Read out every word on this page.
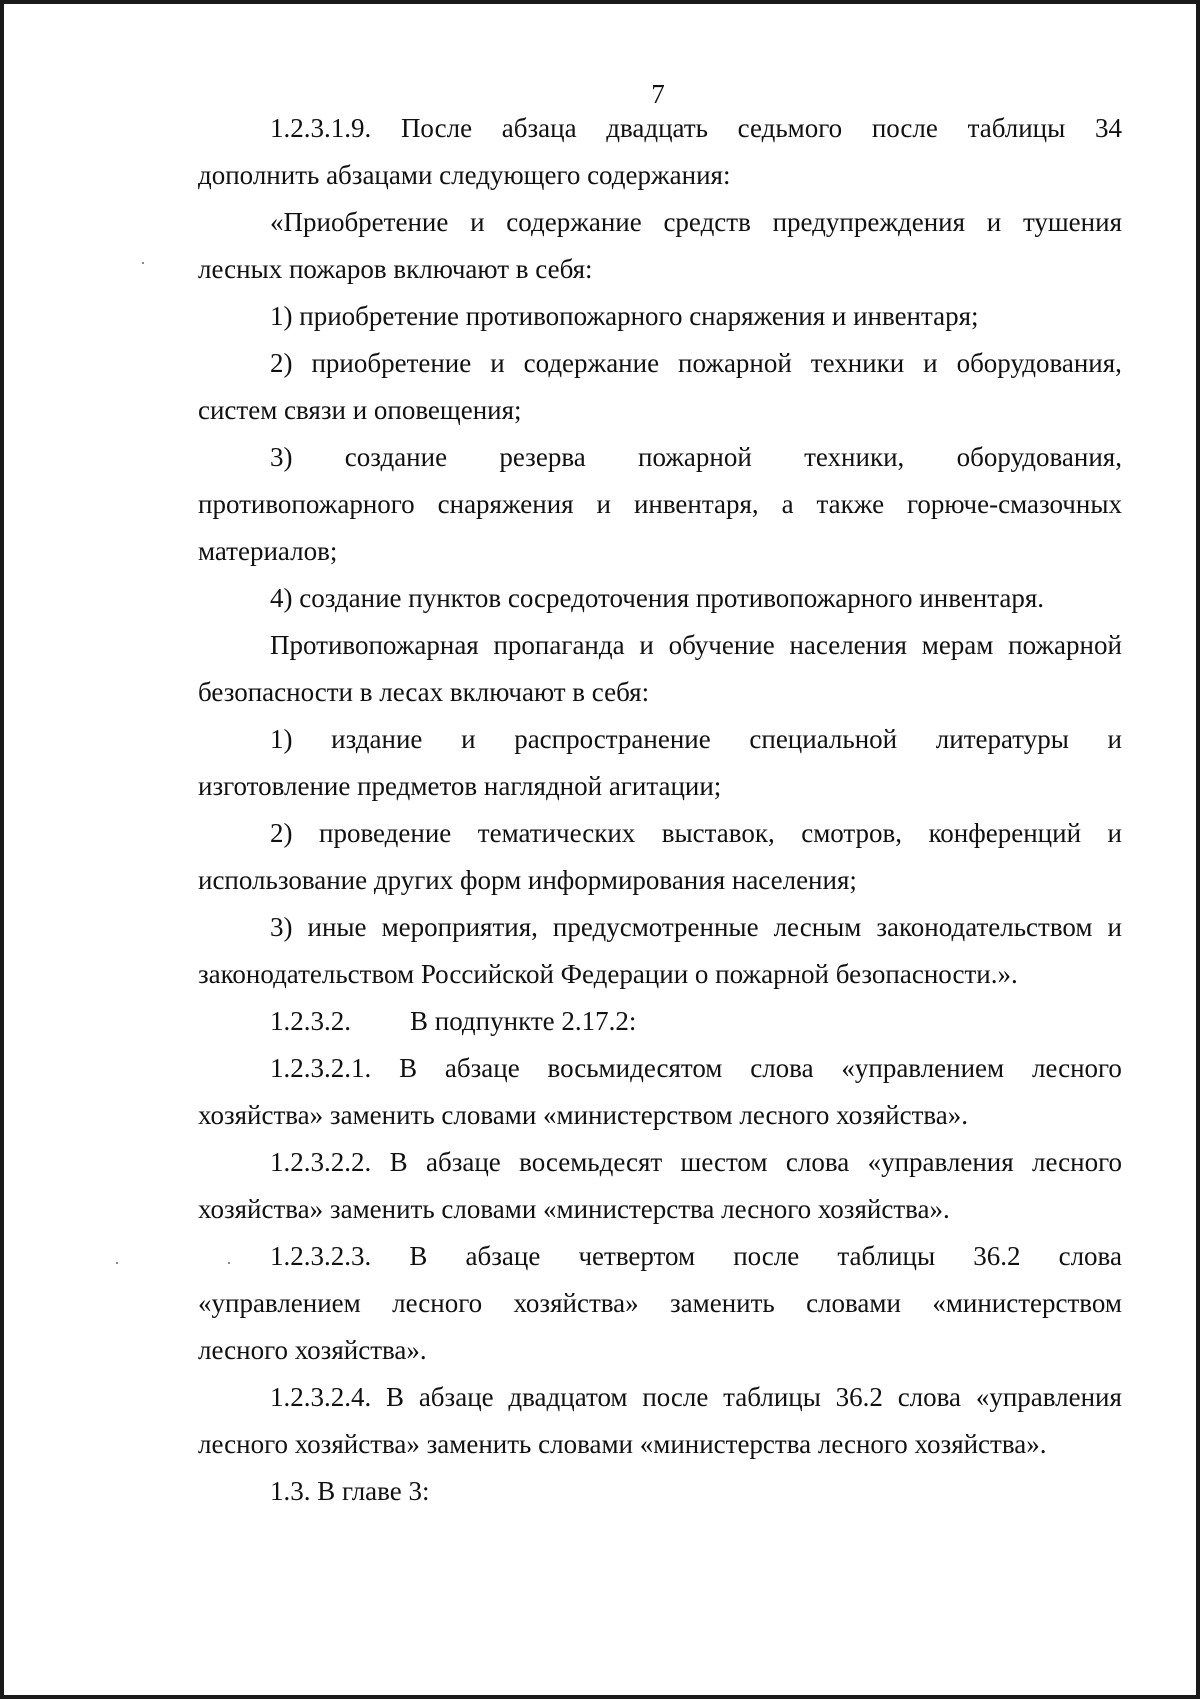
7
1.2.3.1.9. После абзаца двадцать седьмого после таблицы 34
дополнить абзацами следующего содержания:
«Приобретение и содержание средств предупреждения и тушения
лесных пожаров включают в себя:
1) приобретение противопожарного снаряжения и инвентаря;
2) приобретение и содержание пожарной техники и оборудования,
систем связи и оповещения;
3) создание резерва пожарной техники, оборудования,
противопожарного снаряжения и инвентаря, а также горюче-смазочных
материалов;
4) создание пунктов сосредоточения противопожарного инвентаря.
Противопожарная пропаганда и обучение населения мерам пожарной
безопасности в лесах включают в себя:
1) издание и распространение специальной литературы и
изготовление предметов наглядной агитации;
2) проведение тематических выставок, смотров, конференций и
использование других форм информирования населения;
3) иные мероприятия, предусмотренные лесным законодательством и
законодательством Российской Федерации о пожарной безопасности.».
1.2.3.2. В подпункте 2.17.2:
1.2.3.2.1. В абзаце восьмидесятом слова «управлением лесного
хозяйства» заменить словами «министерством лесного хозяйства».
1.2.3.2.2. В абзаце восемьдесят шестом слова «управления лесного
хозяйства» заменить словами «министерства лесного хозяйства».
1.2.3.2.3. В абзаце четвертом после таблицы 36.2 слова
«управлением лесного хозяйства» заменить словами «министерством
лесного хозяйства».
1.2.3.2.4. В абзаце двадцатом после таблицы 36.2 слова «управления
лесного хозяйства» заменить словами «министерства лесного хозяйства».
1.3. В главе 3:
